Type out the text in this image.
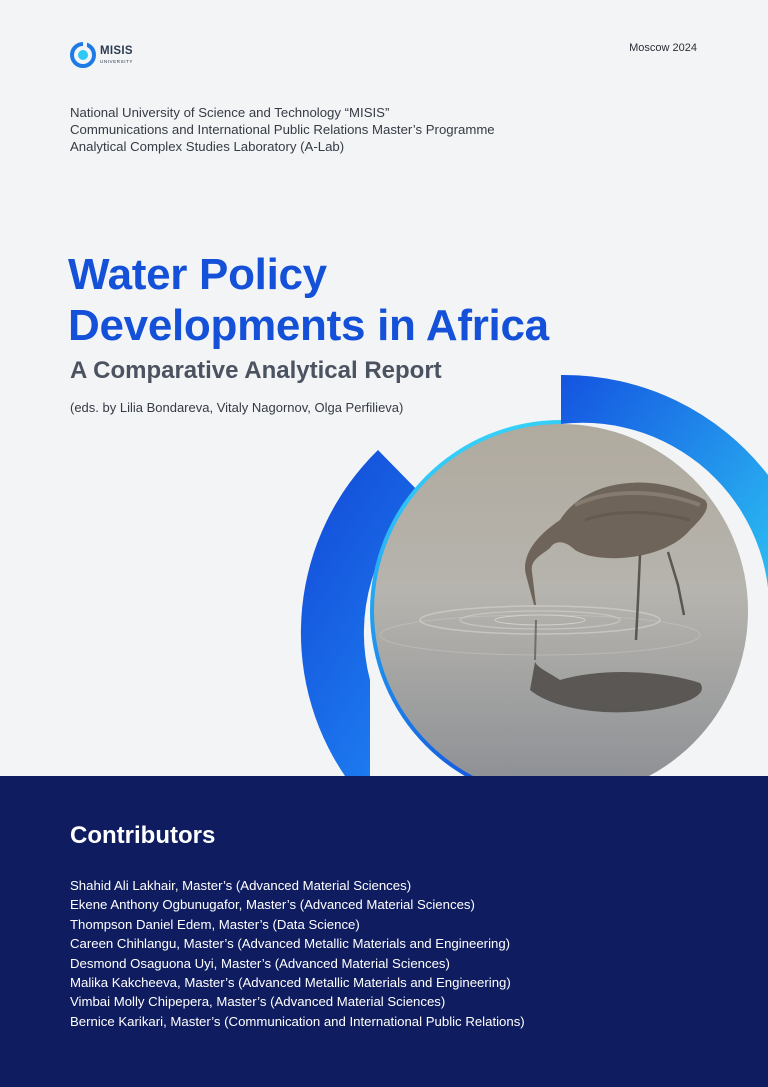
MISIS
UNIVERSITY
Moscow 2024
National University of Science and Technology “MISIS”
Communications and International Public Relations Master’s Programme
Analytical Complex Studies Laboratory (A-Lab)
Water Policy
Developments in Africa
A Comparative Analytical Report
(eds. by Lilia Bondareva, Vitaly Nagornov, Olga Perfilieva)
Contributors
Shahid Ali Lakhair, Master’s (Advanced Material Sciences)
Ekene Anthony Ogbunugafor, Master’s (Advanced Material Sciences)
Thompson Daniel Edem, Master’s (Data Science)
Careen Chihlangu, Master’s (Advanced Metallic Materials and Engineering)
Desmond Osaguona Uyi, Master’s (Advanced Material Sciences)
Malika Kakcheeva, Master’s (Advanced Metallic Materials and Engineering)
Vimbai Molly Chipepera, Master’s (Advanced Material Sciences)
Bernice Karikari, Master’s (Communication and International Public Relations)
